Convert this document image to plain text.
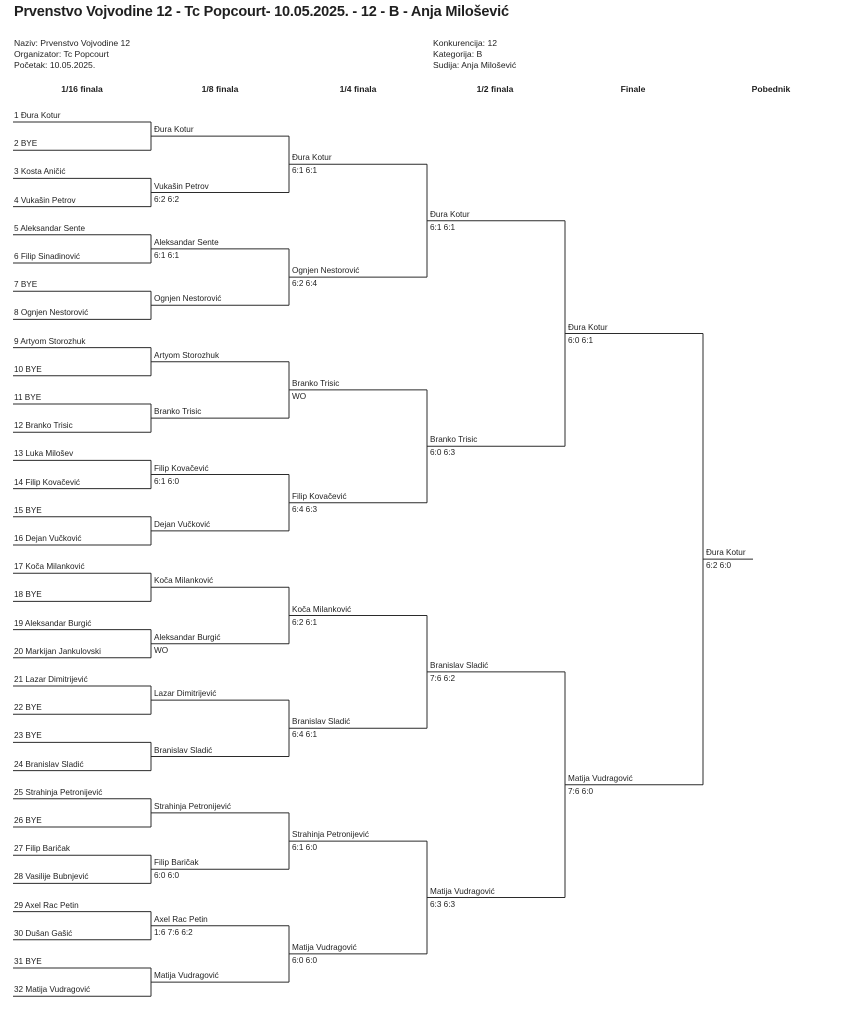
Prvenstvo Vojvodine 12 - Tc Popcourt- 10.05.2025. - 12 - B - Anja Milošević
Naziv: Prvenstvo Vojvodine 12
Organizator: Tc Popcourt
Početak: 10.05.2025.
Konkurencija: 12
Kategorija: B
Sudija: Anja Milošević
1/16 finala	1/8 finala	1/4 finala	1/2 finala	Finale	Pobednik
1 Đura Kotur
2 BYE
3 Kosta Aničić
4 Vukašin Petrov
5 Aleksandar Sente
6 Filip Sinadinović
7 BYE
8 Ognjen Nestorović
9 Artyom Storozhuk
10 BYE
11 BYE
12 Branko Trisic
13 Luka Milošev
14 Filip Kovačević
15 BYE
16 Dejan Vučković
17 Koča Milanković
18 BYE
19 Aleksandar Burgić
20 Markijan Jankulovski
21 Lazar Dimitrijević
22 BYE
23 BYE
24 Branislav Sladić
25 Strahinja Petronijević
26 BYE
27 Filip Baričak
28 Vasilije Bubnjević
29 Axel Rac Petin
30 Dušan Gašić
31 BYE
32 Matija Vudragović
Đura Kotur
Vukašin Petrov
6:2 6:2
Aleksandar Sente
6:1 6:1
Ognjen Nestorović
Artyom Storozhuk
Branko Trisic
Filip Kovačević
6:1 6:0
Dejan Vučković
Koča Milanković
Aleksandar Burgić
WO
Lazar Dimitrijević
Branislav Sladić
Strahinja Petronijević
Filip Baričak
6:0 6:0
Axel Rac Petin
1:6 7:6 6:2
Matija Vudragović
Đura Kotur
6:1 6:1
Ognjen Nestorović
6:2 6:4
Branko Trisic
WO
Filip Kovačević
6:4 6:3
Koča Milanković
6:2 6:1
Branislav Sladić
6:4 6:1
Strahinja Petronijević
6:1 6:0
Matija Vudragović
6:0 6:0
Đura Kotur
6:1 6:1
Branko Trisic
6:0 6:3
Branislav Sladić
7:6 6:2
Matija Vudragović
6:3 6:3
Đura Kotur
6:0 6:1
Matija Vudragović
7:6 6:0
Đura Kotur
6:2 6:0
